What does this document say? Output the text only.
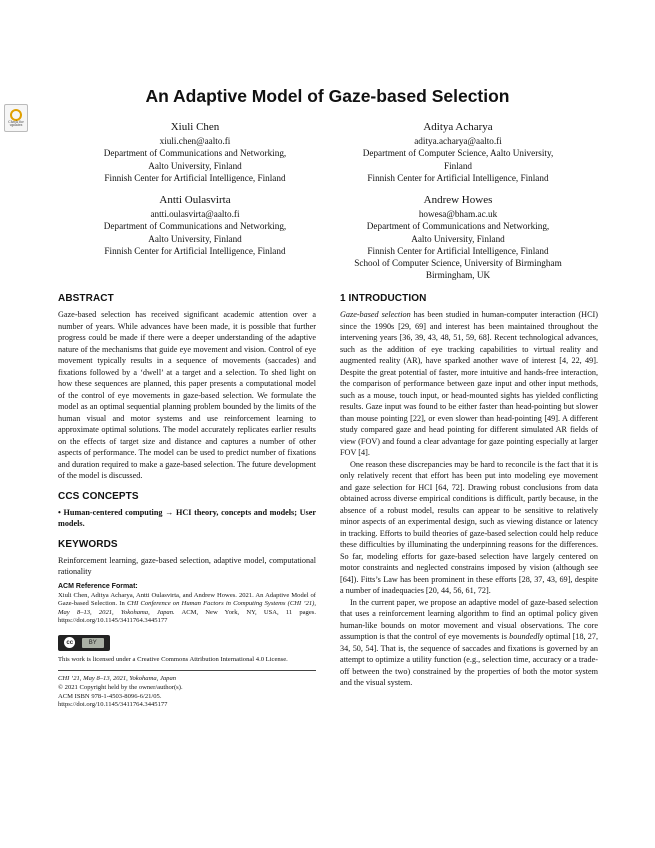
Check for updates
An Adaptive Model of Gaze-based Selection
Xiuli Chen
xiuli.chen@aalto.fi
Department of Communications and Networking,
Aalto University, Finland
Finnish Center for Artificial Intelligence, Finland
Aditya Acharya
aditya.acharya@aalto.fi
Department of Computer Science, Aalto University,
Finland
Finnish Center for Artificial Intelligence, Finland
Antti Oulasvirta
antti.oulasvirta@aalto.fi
Department of Communications and Networking,
Aalto University, Finland
Finnish Center for Artificial Intelligence, Finland
Andrew Howes
howesa@bham.ac.uk
Department of Communications and Networking,
Aalto University, Finland
Finnish Center for Artificial Intelligence, Finland
School of Computer Science, University of Birmingham
Birmingham, UK
ABSTRACT

Gaze-based selection has received significant academic attention over a number of years. While advances have been made, it is possible that further progress could be made if there were a deeper understanding of the adaptive nature of the mechanisms that guide eye movement and vision. Control of eye movement typically results in a sequence of movements (saccades) and fixations followed by a ‘dwell’ at a target and a selection. To shed light on how these sequences are planned, this paper presents a computational model of the control of eye movements in gaze-based selection. We formulate the model as an optimal sequential planning problem bounded by the limits of the human visual and motor systems and use reinforcement learning to approximate optimal solutions. The model accurately replicates earlier results on the effects of target size and distance and captures a number of other aspects of performance. The model can be used to predict number of fixations and duration required to make a gaze-based selection. The future development of the model is discussed.

CCS CONCEPTS

• Human-centered computing → HCI theory, concepts and models; User models.

KEYWORDS

Reinforcement learning, gaze-based selection, adaptive model, computational rationality

ACM Reference Format:

Xiuli Chen, Aditya Acharya, Antti Oulasvirta, and Andrew Howes. 2021. An Adaptive Model of Gaze-based Selection. In CHI Conference on Human Factors in Computing Systems (CHI ’21), May 8–13, 2021, Yokohama, Japan. ACM, New York, NY, USA, 11 pages. https://doi.org/10.1145/3411764.3445177

cc	BY

This work is licensed under a Creative Commons Attribution International 4.0 License.

CHI ’21, May 8–13, 2021, Yokohama, Japan

© 2021 Copyright held by the owner/author(s).

ACM ISBN 978-1-4503-8096-6/21/05.

https://doi.org/10.1145/3411764.3445177

1 INTRODUCTION

Gaze-based selection has been studied in human-computer interaction (HCI) since the 1990s [29, 69] and interest has been maintained throughout the intervening years [36, 39, 43, 48, 51, 59, 68]. Recent technological advances, such as the addition of eye tracking capabilities to virtual reality and augmented reality (AR), have sparked another wave of interest [4, 22, 49]. Despite the great potential of faster, more intuitive and hands-free interaction, the comparison of performance between gaze input and other input methods, such as a mouse, touch input, or head-mounted sights has yielded conflicting results. Gaze input was found to be either faster than head-pointing but slower than mouse pointing [22], or even slower than head-pointing [49]. A different study compared gaze and head pointing for different simulated AR fields of view (FOV) and found a clear advantage for gaze pointing especially at larger FOV [4].

One reason these discrepancies may be hard to reconcile is the fact that it is only relatively recent that effort has been put into modeling eye movement and gaze selection for HCI [64, 72]. Drawing robust conclusions from data obtained across diverse empirical conditions is difficult, partly because, in the absence of a robust model, results can appear to be sensitive to relatively minor aspects of an experimental design, such as viewing distance or latency in tracking. Efforts to build theories of gaze-based selection could help reduce these difficulties by illuminating the underpinning reasons for the differences. So far, modeling efforts for gaze-based selection have largely centered on motor constraints and neglected constrains imposed by vision (although see [64]). Fitts’s Law has been prominent in these efforts [28, 37, 43, 69], despite a number of inadequacies [20, 44, 56, 61, 72].

In the current paper, we propose an adaptive model of gaze-based selection that uses a reinforcement learning algorithm to find an optimal policy given human-like bounds on motor movement and visual observations. The core assumption is that the control of eye movements is boundedly optimal [18, 27, 34, 50, 54]. That is, the sequence of saccades and fixations is governed by an attempt to optimize a utility function (e.g., selection time, accuracy or a trade-off between the two) constrained by the properties of both the motor system and the visual system.
